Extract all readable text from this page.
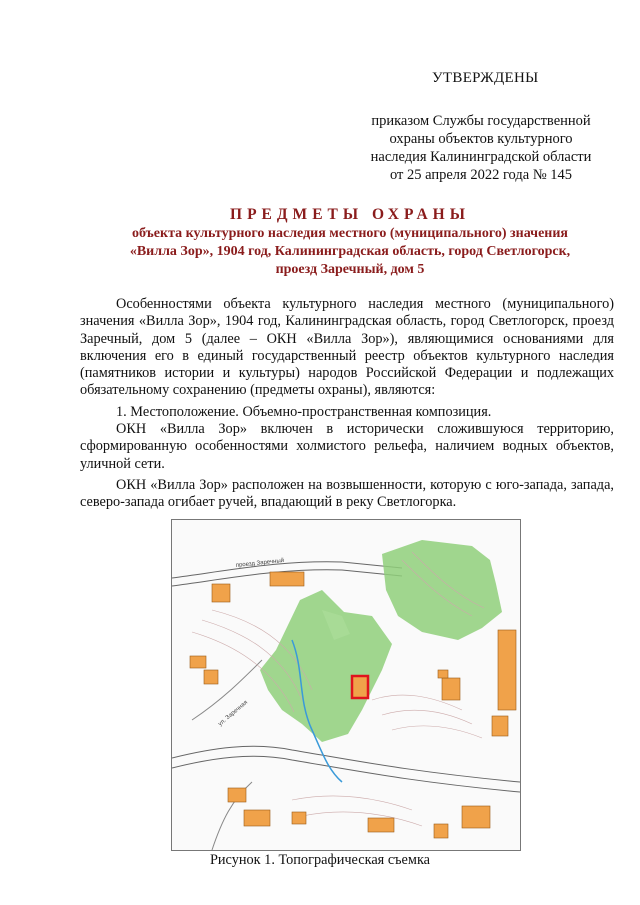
УТВЕРЖДЕНЫ
приказом Службы государственной
охраны объектов культурного
наследия Калининградской области
от 25 апреля 2022 года № 145
ПРЕДМЕТЫ ОХРАНЫ
объекта культурного наследия местного (муниципального) значения
«Вилла Зор», 1904 год, Калининградская область, город Светлогорск,
проезд Заречный, дом 5

Особенностями объекта культурного наследия местного (муниципального) значения «Вилла Зор», 1904 год, Калининградская область, город Светлогорск, проезд Заречный, дом 5 (далее – ОКН «Вилла Зор»), являющимися основаниями для включения его в единый государственный реестр объектов культурного наследия (памятников истории и культуры) народов Российской Федерации и подлежащих обязательному сохранению (предметы охраны), являются:

1. Местоположение. Объемно-пространственная композиция.

ОКН «Вилла Зор» включен в исторически сложившуюся территорию, сформированную особенностями холмистого рельефа, наличием водных объектов, уличной сети.

ОКН «Вилла Зор» расположен на возвышенности, которую с юго-запада, запада, северо-запада огибает ручей, впадающий в реку Светлогорка.

проезд Заречный
ул. Заречная
Рисунок 1. Топографическая съемка
